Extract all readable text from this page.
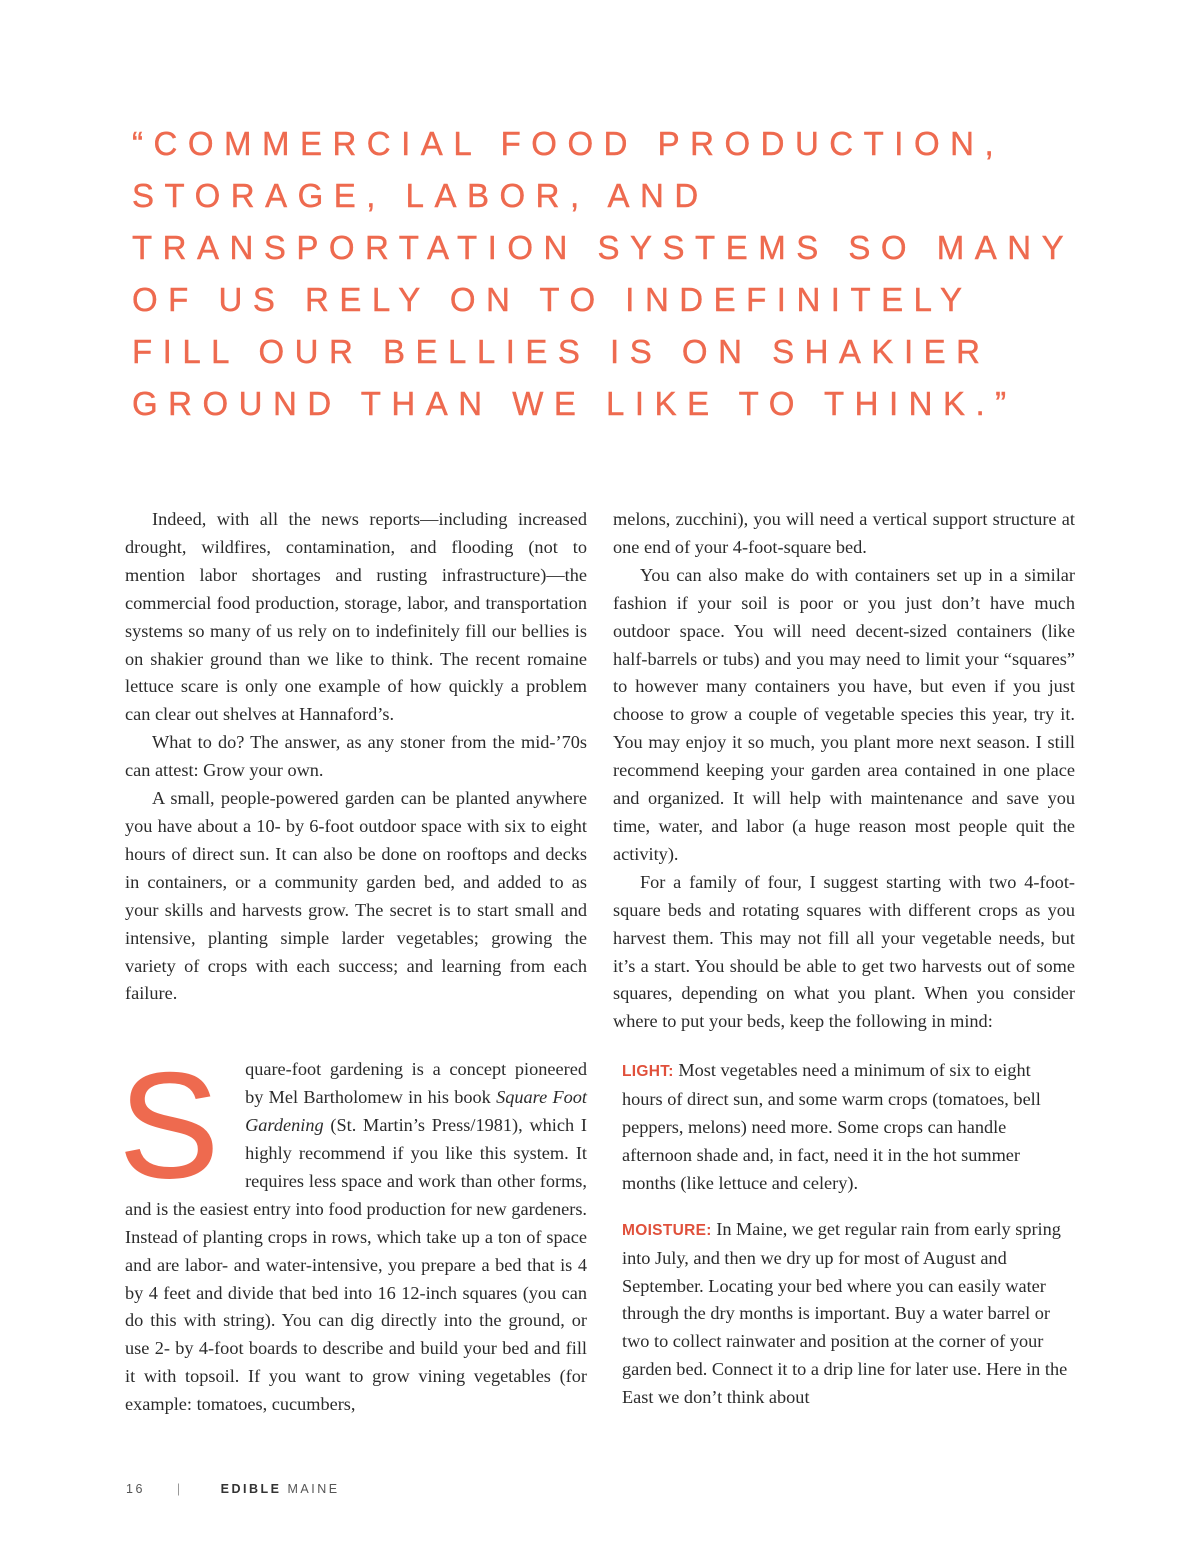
“COMMERCIAL FOOD PRODUCTION,
STORAGE, LABOR, AND
TRANSPORTATION SYSTEMS SO MANY
OF US RELY ON TO INDEFINITELY
FILL OUR BELLIES IS ON SHAKIER
GROUND THAN WE LIKE TO THINK.”

Indeed, with all the news reports—including increased drought, wildfires, contamination, and flooding (not to mention labor shortages and rusting infrastructure)—the commercial food production, storage, labor, and transportation systems so many of us rely on to indefinitely fill our bellies is on shakier ground than we like to think. The recent romaine lettuce scare is only one example of how quickly a problem can clear out shelves at Hannaford’s.

What to do? The answer, as any stoner from the mid-’70s can attest: Grow your own.

A small, people-powered garden can be planted anywhere you have about a 10- by 6-foot outdoor space with six to eight hours of direct sun. It can also be done on rooftops and decks in containers, or a community garden bed, and added to as your skills and harvests grow. The secret is to start small and intensive, planting simple larder vegetables; growing the variety of crops with each success; and learning from each failure.

S	quare-foot gardening is a concept pioneered by Mel Bartholomew in his book Square Foot Gardening (St. Martin’s Press/1981), which I highly recommend if you like this system. It requires less space and work than other forms, and is the easiest entry into food production for new gardeners. Instead of planting crops in rows, which take up a ton of space and are labor- and water-intensive, you prepare a bed that is 4 by 4 feet and divide that bed into 16 12-inch squares (you can do this with string). You can dig directly into the ground, or use 2- by 4-foot boards to describe and build your bed and fill it with topsoil. If you want to grow vining vegetables (for example: tomatoes, cucumbers,

melons, zucchini), you will need a vertical support structure at one end of your 4-foot-square bed.

You can also make do with containers set up in a similar fashion if your soil is poor or you just don’t have much outdoor space. You will need decent-sized containers (like half-barrels or tubs) and you may need to limit your “squares” to however many containers you have, but even if you just choose to grow a couple of vegetable species this year, try it. You may enjoy it so much, you plant more next season. I still recommend keeping your garden area contained in one place and organized. It will help with maintenance and save you time, water, and labor (a huge reason most people quit the activity).

For a family of four, I suggest starting with two 4-foot-square beds and rotating squares with different crops as you harvest them. This may not fill all your vegetable needs, but it’s a start. You should be able to get two harvests out of some squares, depending on what you plant. When you consider where to put your beds, keep the following in mind:

LIGHT: Most vegetables need a minimum of six to eight hours of direct sun, and some warm crops (tomatoes, bell peppers, melons) need more. Some crops can handle afternoon shade and, in fact, need it in the hot summer months (like lettuce and celery).

MOISTURE: In Maine, we get regular rain from early spring into July, and then we dry up for most of August and September. Locating your bed where you can easily water through the dry months is important. Buy a water barrel or two to collect rainwater and position at the corner of your garden bed. Connect it to a drip line for later use. Here in the East we don’t think about

16	|	EDIBLE MAINE
